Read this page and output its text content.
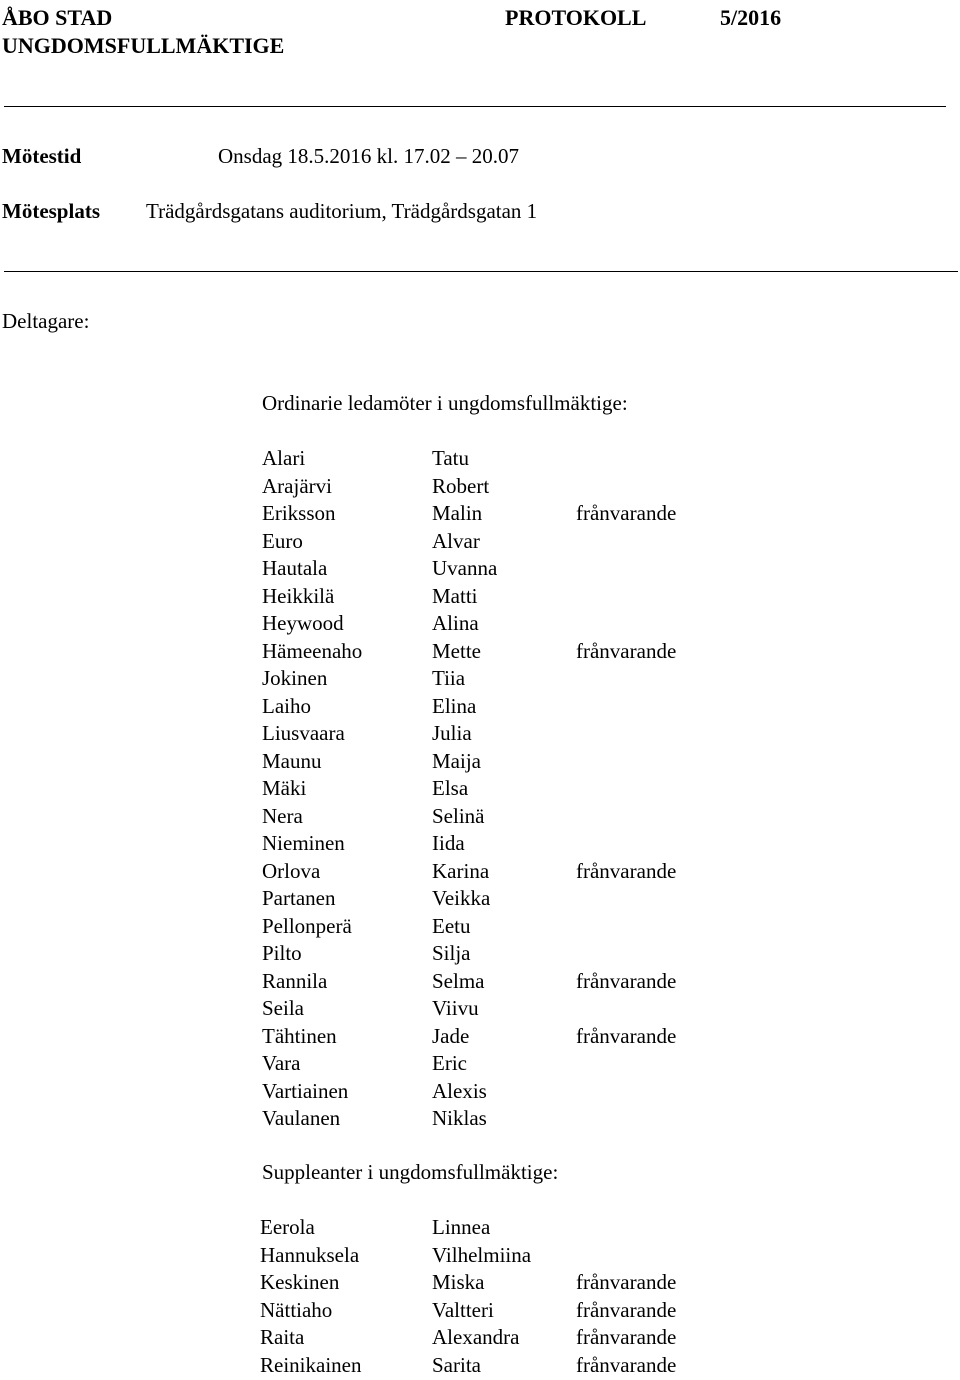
ÅBO STAD	PROTOKOLL	5/2016
UNGDOMSFULLMÄKTIGE
Mötestid	Onsdag 18.5.2016 kl. 17.02 – 20.07
Mötesplats Trädgårdsgatans auditorium, Trädgårdsgatan 1
Deltagare:
Ordinarie ledamöter i ungdomsfullmäktige:
Alari	Tatu
Arajärvi	Robert
Eriksson	Malin	frånvarande
Euro	Alvar
Hautala	Uvanna
Heikkilä	Matti
Heywood	Alina
Hämeenaho	Mette	frånvarande
Jokinen	Tiia
Laiho	Elina
Liusvaara	Julia
Maunu	Maija
Mäki	Elsa
Nera	Selinä
Nieminen	Iida
Orlova	Karina	frånvarande
Partanen	Veikka
Pellonperä	Eetu
Pilto	Silja
Rannila	Selma	frånvarande
Seila	Viivu
Tähtinen	Jade	frånvarande
Vara	Eric
Vartiainen	Alexis
Vaulanen	Niklas
Suppleanter i ungdomsfullmäktige:
Eerola	Linnea
Hannuksela	Vilhelmiina
Keskinen	Miska	frånvarande
Nättiaho	Valtteri	frånvarande
Raita	Alexandra	frånvarande
Reinikainen	Sarita	frånvarande
